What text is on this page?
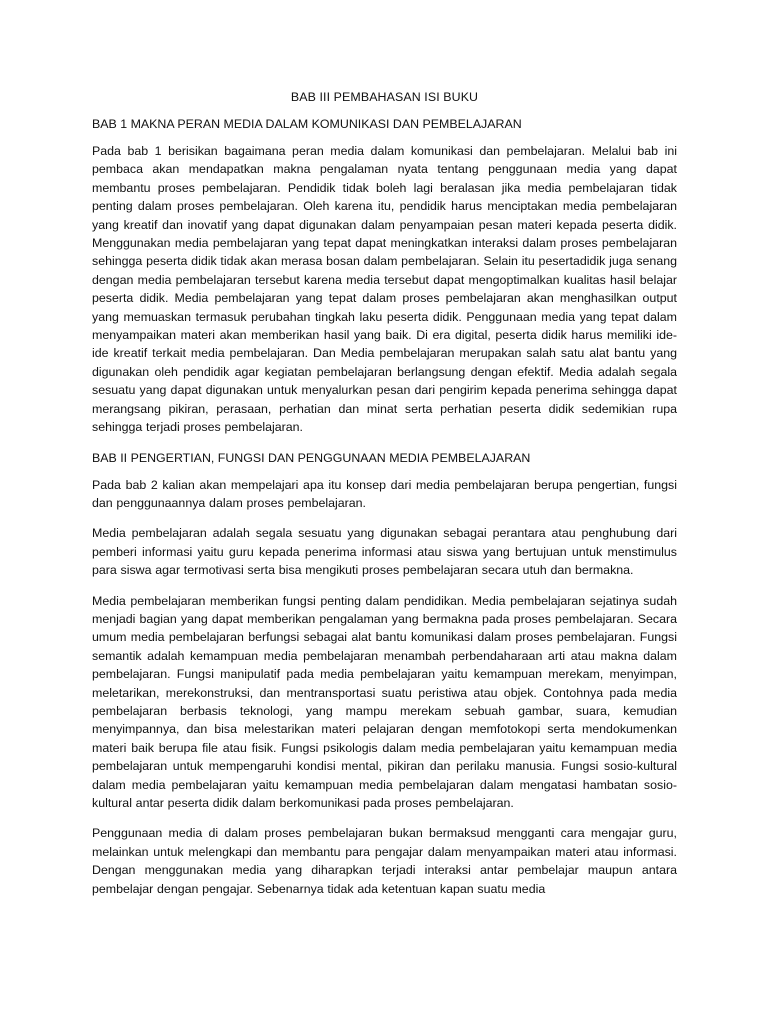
BAB III PEMBAHASAN ISI BUKU
BAB 1 MAKNA PERAN MEDIA DALAM KOMUNIKASI DAN PEMBELAJARAN

Pada bab 1 berisikan bagaimana peran media dalam komunikasi dan pembelajaran. Melalui bab ini pembaca akan mendapatkan makna pengalaman nyata tentang penggunaan media yang dapat membantu proses pembelajaran. Pendidik tidak boleh lagi beralasan jika media pembelajaran tidak penting dalam proses pembelajaran. Oleh karena itu, pendidik harus menciptakan media pembelajaran yang kreatif dan inovatif yang dapat digunakan dalam penyampaian pesan materi kepada peserta didik. Menggunakan media pembelajaran yang tepat dapat meningkatkan interaksi dalam proses pembelajaran sehingga peserta didik tidak akan merasa bosan dalam pembelajaran. Selain itu pesertadidik juga senang dengan media pembelajaran tersebut karena media tersebut dapat mengoptimalkan kualitas hasil belajar peserta didik. Media pembelajaran yang tepat dalam proses pembelajaran akan menghasilkan output yang memuaskan termasuk perubahan tingkah laku peserta didik. Penggunaan media yang tepat dalam menyampaikan materi akan memberikan hasil yang baik. Di era digital, peserta didik harus memiliki ide-ide kreatif terkait media pembelajaran. Dan Media pembelajaran merupakan salah satu alat bantu yang digunakan oleh pendidik agar kegiatan pembelajaran berlangsung dengan efektif. Media adalah segala sesuatu yang dapat digunakan untuk menyalurkan pesan dari pengirim kepada penerima sehingga dapat merangsang pikiran, perasaan, perhatian dan minat serta perhatian peserta didik sedemikian rupa sehingga terjadi proses pembelajaran.

BAB II PENGERTIAN, FUNGSI DAN PENGGUNAAN MEDIA PEMBELAJARAN

Pada bab 2 kalian akan mempelajari apa itu konsep dari media pembelajaran berupa pengertian, fungsi dan penggunaannya dalam proses pembelajaran.

Media pembelajaran adalah segala sesuatu yang digunakan sebagai perantara atau penghubung dari pemberi informasi yaitu guru kepada penerima informasi atau siswa yang bertujuan untuk menstimulus para siswa agar termotivasi serta bisa mengikuti proses pembelajaran secara utuh dan bermakna.

Media pembelajaran memberikan fungsi penting dalam pendidikan. Media pembelajaran sejatinya sudah menjadi bagian yang dapat memberikan pengalaman yang bermakna pada proses pembelajaran. Secara umum media pembelajaran berfungsi sebagai alat bantu komunikasi dalam proses pembelajaran. Fungsi semantik adalah kemampuan media pembelajaran menambah perbendaharaan arti atau makna dalam pembelajaran. Fungsi manipulatif pada media pembelajaran yaitu kemampuan merekam, menyimpan, meletarikan, merekonstruksi, dan mentransportasi suatu peristiwa atau objek. Contohnya pada media pembelajaran berbasis teknologi, yang mampu merekam sebuah gambar, suara, kemudian menyimpannya, dan bisa melestarikan materi pelajaran dengan memfotokopi serta mendokumenkan materi baik berupa file atau fisik. Fungsi psikologis dalam media pembelajaran yaitu kemampuan media pembelajaran untuk mempengaruhi kondisi mental, pikiran dan perilaku manusia. Fungsi sosio-kultural dalam media pembelajaran yaitu kemampuan media pembelajaran dalam mengatasi hambatan sosio-kultural antar peserta didik dalam berkomunikasi pada proses pembelajaran.

Penggunaan media di dalam proses pembelajaran bukan bermaksud mengganti cara mengajar guru, melainkan untuk melengkapi dan membantu para pengajar dalam menyampaikan materi atau informasi. Dengan menggunakan media yang diharapkan terjadi interaksi antar pembelajar maupun antara pembelajar dengan pengajar. Sebenarnya tidak ada ketentuan kapan suatu media
